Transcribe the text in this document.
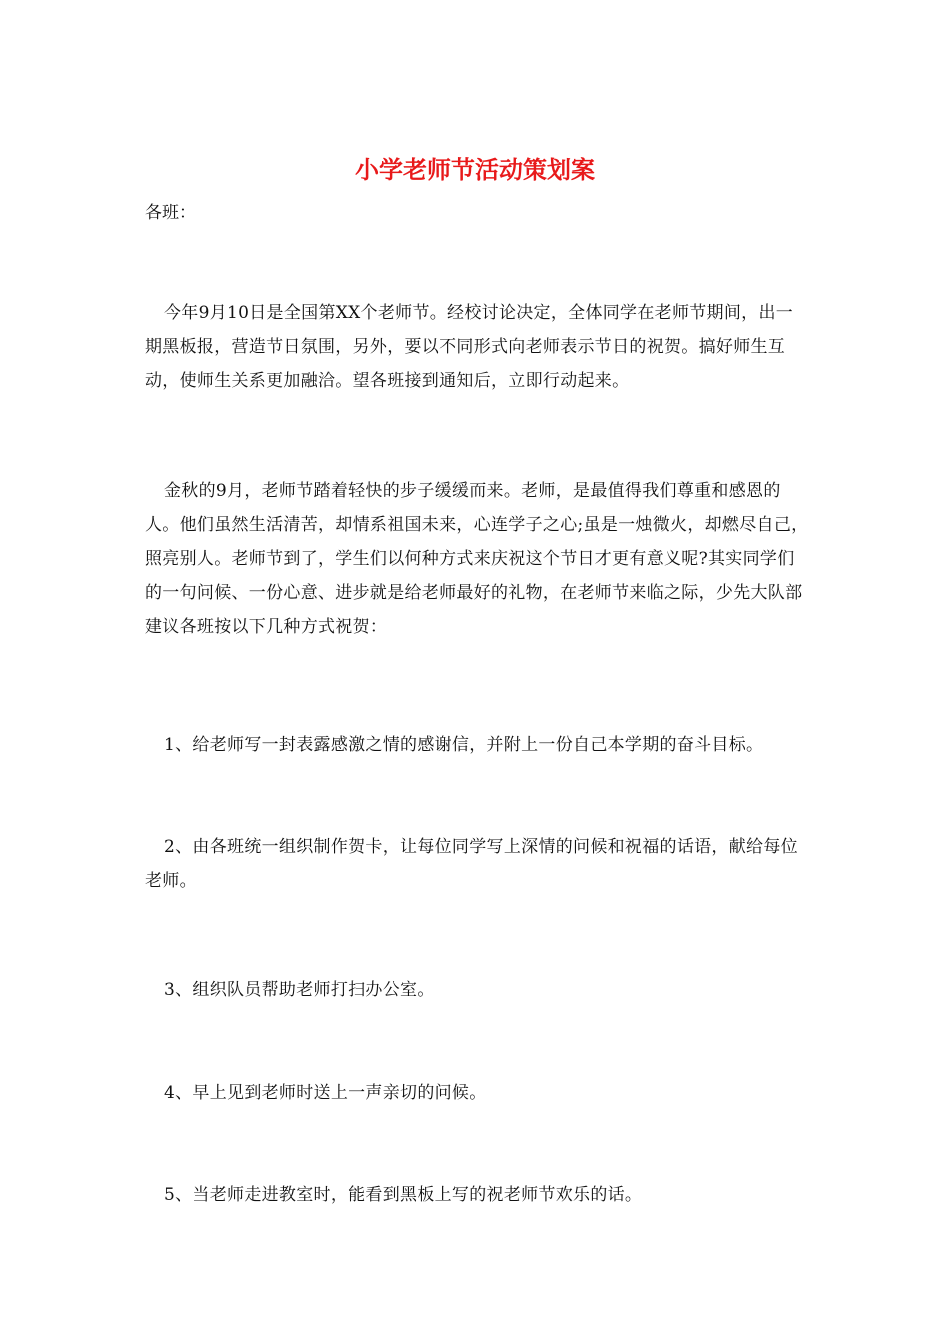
小学老师节活动策划案

各班：

今年9月10日是全国第XX个老师节。经校讨论决定，全体同学在老师节期间，出一期黑板报，营造节日氛围，另外，要以不同形式向老师表示节日的祝贺。搞好师生互动，使师生关系更加融洽。望各班接到通知后，立即行动起来。

金秋的9月，老师节踏着轻快的步子缓缓而来。老师，是最值得我们尊重和感恩的人。他们虽然生活清苦，却情系祖国未来，心连学子之心;虽是一烛微火，却燃尽自己，照亮别人。老师节到了，学生们以何种方式来庆祝这个节日才更有意义呢?其实同学们的一句问候、一份心意、进步就是给老师最好的礼物，在老师节来临之际，少先大队部建议各班按以下几种方式祝贺：

1、给老师写一封表露感激之情的感谢信，并附上一份自己本学期的奋斗目标。

2、由各班统一组织制作贺卡，让每位同学写上深情的问候和祝福的话语，献给每位老师。

3、组织队员帮助老师打扫办公室。

4、早上见到老师时送上一声亲切的问候。

5、当老师走进教室时，能看到黑板上写的祝老师节欢乐的话。
